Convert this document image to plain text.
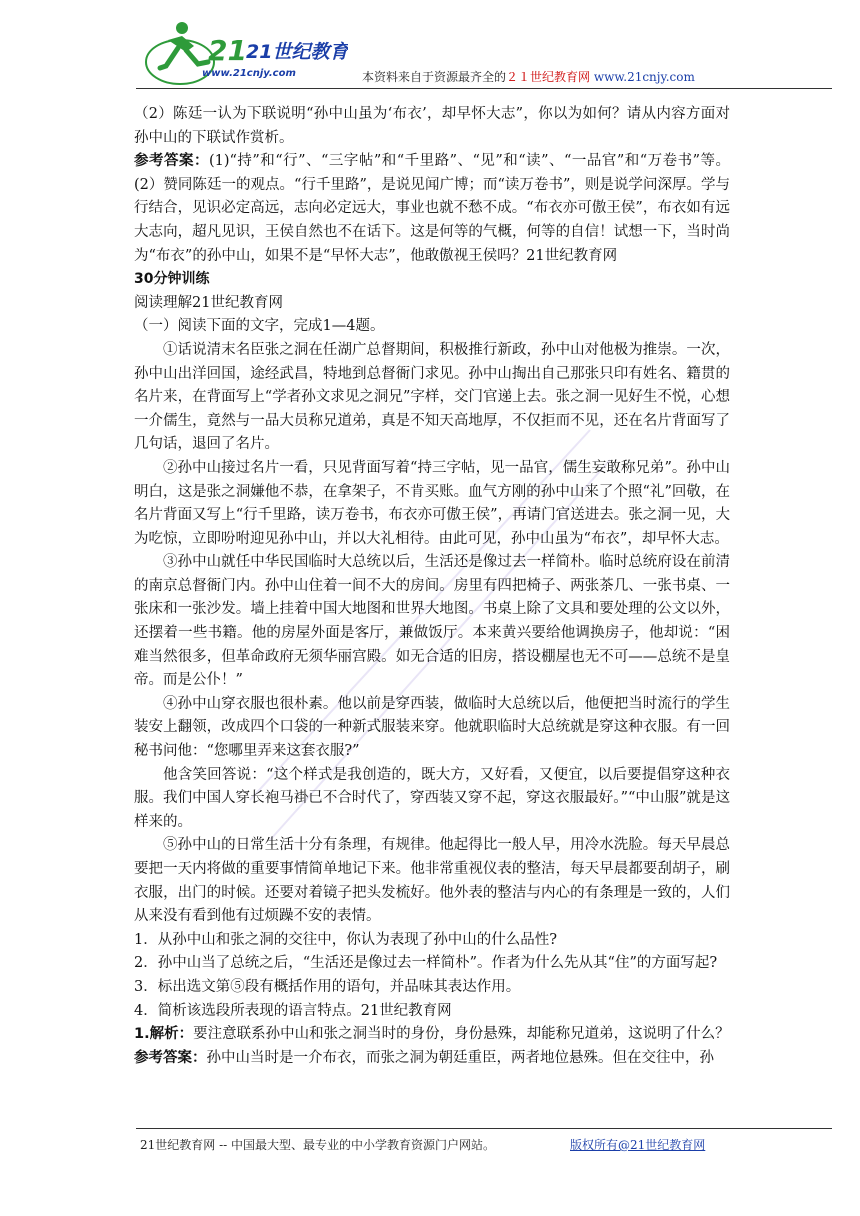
21 21世纪教育
www.21cnjy.com	本资料来自于资源最齐全的２１世纪教育网 www.21cnjy.com

（2）陈廷一认为下联说明“孙中山虽为‘布衣’，却早怀大志”，你以为如何？请从内容方面对孙中山的下联试作赏析。

参考答案：(1)“持”和“行”、“三字帖”和“千里路”、“见”和“读”、“一品官”和“万卷书”等。(2）赞同陈廷一的观点。“行千里路”，是说见闻广博；而“读万卷书”，则是说学问深厚。学与行结合，见识必定高远，志向必定远大，事业也就不愁不成。“布衣亦可傲王侯”，布衣如有远大志向，超凡见识，王侯自然也不在话下。这是何等的气概，何等的自信！试想一下，当时尚为“布衣”的孙中山，如果不是“早怀大志”，他敢傲视王侯吗？21世纪教育网

30分钟训练

阅读理解21世纪教育网

（一）阅读下面的文字，完成1—4题。

①话说清末名臣张之洞在任湖广总督期间，积极推行新政，孙中山对他极为推崇。一次，孙中山出洋回国，途经武昌，特地到总督衙门求见。孙中山掏出自己那张只印有姓名、籍贯的名片来，在背面写上“学者孙文求见之洞兄”字样，交门官递上去。张之洞一见好生不悦，心想一介儒生，竟然与一品大员称兄道弟，真是不知天高地厚，不仅拒而不见，还在名片背面写了几句话，退回了名片。

②孙中山接过名片一看，只见背面写着“持三字帖，见一品官，儒生妄敢称兄弟”。孙中山明白，这是张之洞嫌他不恭，在拿架子，不肯买账。血气方刚的孙中山来了个照“礼”回敬，在名片背面又写上“行千里路，读万卷书，布衣亦可傲王侯”，再请门官送进去。张之洞一见，大为吃惊，立即吩咐迎见孙中山，并以大礼相待。由此可见，孙中山虽为“布衣”，却早怀大志。

③孙中山就任中华民国临时大总统以后，生活还是像过去一样简朴。临时总统府设在前清的南京总督衙门内。孙中山住着一间不大的房间。房里有四把椅子、两张茶几、一张书桌、一张床和一张沙发。墙上挂着中国大地图和世界大地图。书桌上除了文具和要处理的公文以外，还摆着一些书籍。他的房屋外面是客厅，兼做饭厅。本来黄兴要给他调换房子，他却说：“困难当然很多，但革命政府无须华丽宫殿。如无合适的旧房，搭设棚屋也无不可——总统不是皇帝。而是公仆！”

④孙中山穿衣服也很朴素。他以前是穿西装，做临时大总统以后，他便把当时流行的学生装安上翻领，改成四个口袋的一种新式服装来穿。他就职临时大总统就是穿这种衣服。有一回秘书问他：“您哪里弄来这套衣服?”

他含笑回答说：“这个样式是我创造的，既大方，又好看，又便宜，以后要提倡穿这种衣服。我们中国人穿长袍马褂已不合时代了，穿西装又穿不起，穿这衣服最好。”“中山服”就是这样来的。

⑤孙中山的日常生活十分有条理，有规律。他起得比一般人早，用冷水洗脸。每天早晨总要把一天内将做的重要事情简单地记下来。他非常重视仪表的整洁，每天早晨都要刮胡子，刷衣服，出门的时候。还要对着镜子把头发梳好。他外表的整洁与内心的有条理是一致的，人们从来没有看到他有过烦躁不安的表情。

1．从孙中山和张之洞的交往中，你认为表现了孙中山的什么品性?

2．孙中山当了总统之后，“生活还是像过去一样简朴”。作者为什么先从其“住”的方面写起?

3．标出选文第⑤段有概括作用的语句，并品味其表达作用。

4．简析该选段所表现的语言特点。21世纪教育网

1.解析：要注意联系孙中山和张之洞当时的身份，身份悬殊，却能称兄道弟，这说明了什么？

参考答案：孙中山当时是一介布衣，而张之洞为朝廷重臣，两者地位悬殊。但在交往中，孙

21世纪教育网 -- 中国最大型、最专业的中小学教育资源门户网站。	版权所有@21世纪教育网
